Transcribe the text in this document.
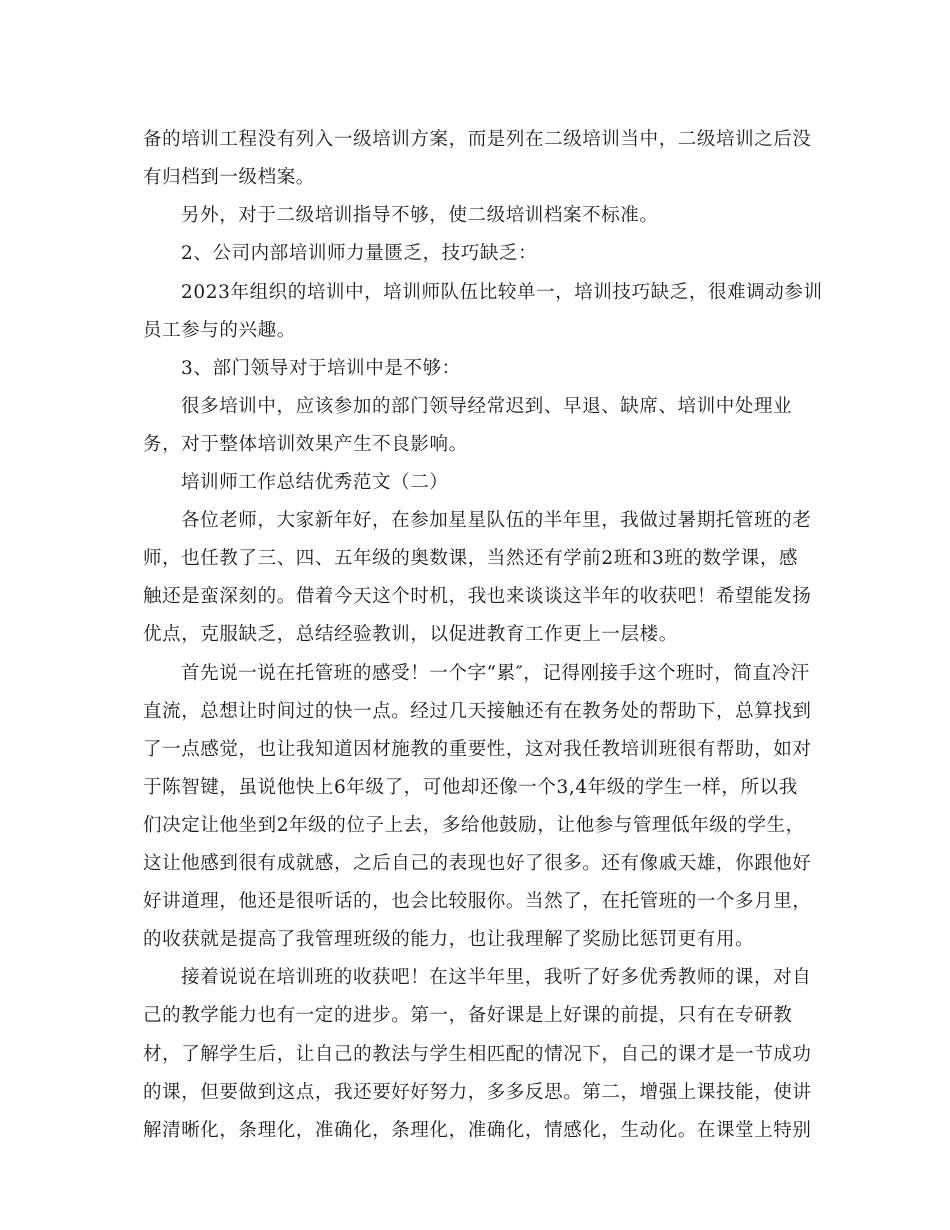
备的培训工程没有列入一级培训方案，而是列在二级培训当中，二级培训之后没
有归档到一级档案。
另外，对于二级培训指导不够，使二级培训档案不标准。
2、公司内部培训师力量匮乏，技巧缺乏：
2023年组织的培训中，培训师队伍比较单一，培训技巧缺乏，很难调动参训
员工参与的兴趣。
3、部门领导对于培训中是不够：
很多培训中，应该参加的部门领导经常迟到、早退、缺席、培训中处理业
务，对于整体培训效果产生不良影响。
培训师工作总结优秀范文（二）
各位老师，大家新年好，在参加星星队伍的半年里，我做过暑期托管班的老
师，也任教了三、四、五年级的奥数课，当然还有学前2班和3班的数学课，感
触还是蛮深刻的。借着今天这个时机，我也来谈谈这半年的收获吧！希望能发扬
优点，克服缺乏，总结经验教训，以促进教育工作更上一层楼。
首先说一说在托管班的感受！一个字“累″，记得刚接手这个班时，简直冷汗
直流，总想让时间过的快一点。经过几天接触还有在教务处的帮助下，总算找到
了一点感觉，也让我知道因材施教的重要性，这对我任教培训班很有帮助，如对
于陈智键，虽说他快上6年级了，可他却还像一个3,4年级的学生一样，所以我
们决定让他坐到2年级的位子上去，多给他鼓励，让他参与管理低年级的学生，
这让他感到很有成就感，之后自己的表现也好了很多。还有像戚天雄，你跟他好
好讲道理，他还是很听话的，也会比较服你。当然了，在托管班的一个多月里，
的收获就是提高了我管理班级的能力，也让我理解了奖励比惩罚更有用。
接着说说在培训班的收获吧！在这半年里，我听了好多优秀教师的课，对自
己的教学能力也有一定的进步。第一，备好课是上好课的前提，只有在专研教
材，了解学生后，让自己的教法与学生相匹配的情况下，自己的课才是一节成功
的课，但要做到这点，我还要好好努力，多多反思。第二，增强上课技能，使讲
解清晰化，条理化，准确化，条理化，准确化，情感化，生动化。在课堂上特别
